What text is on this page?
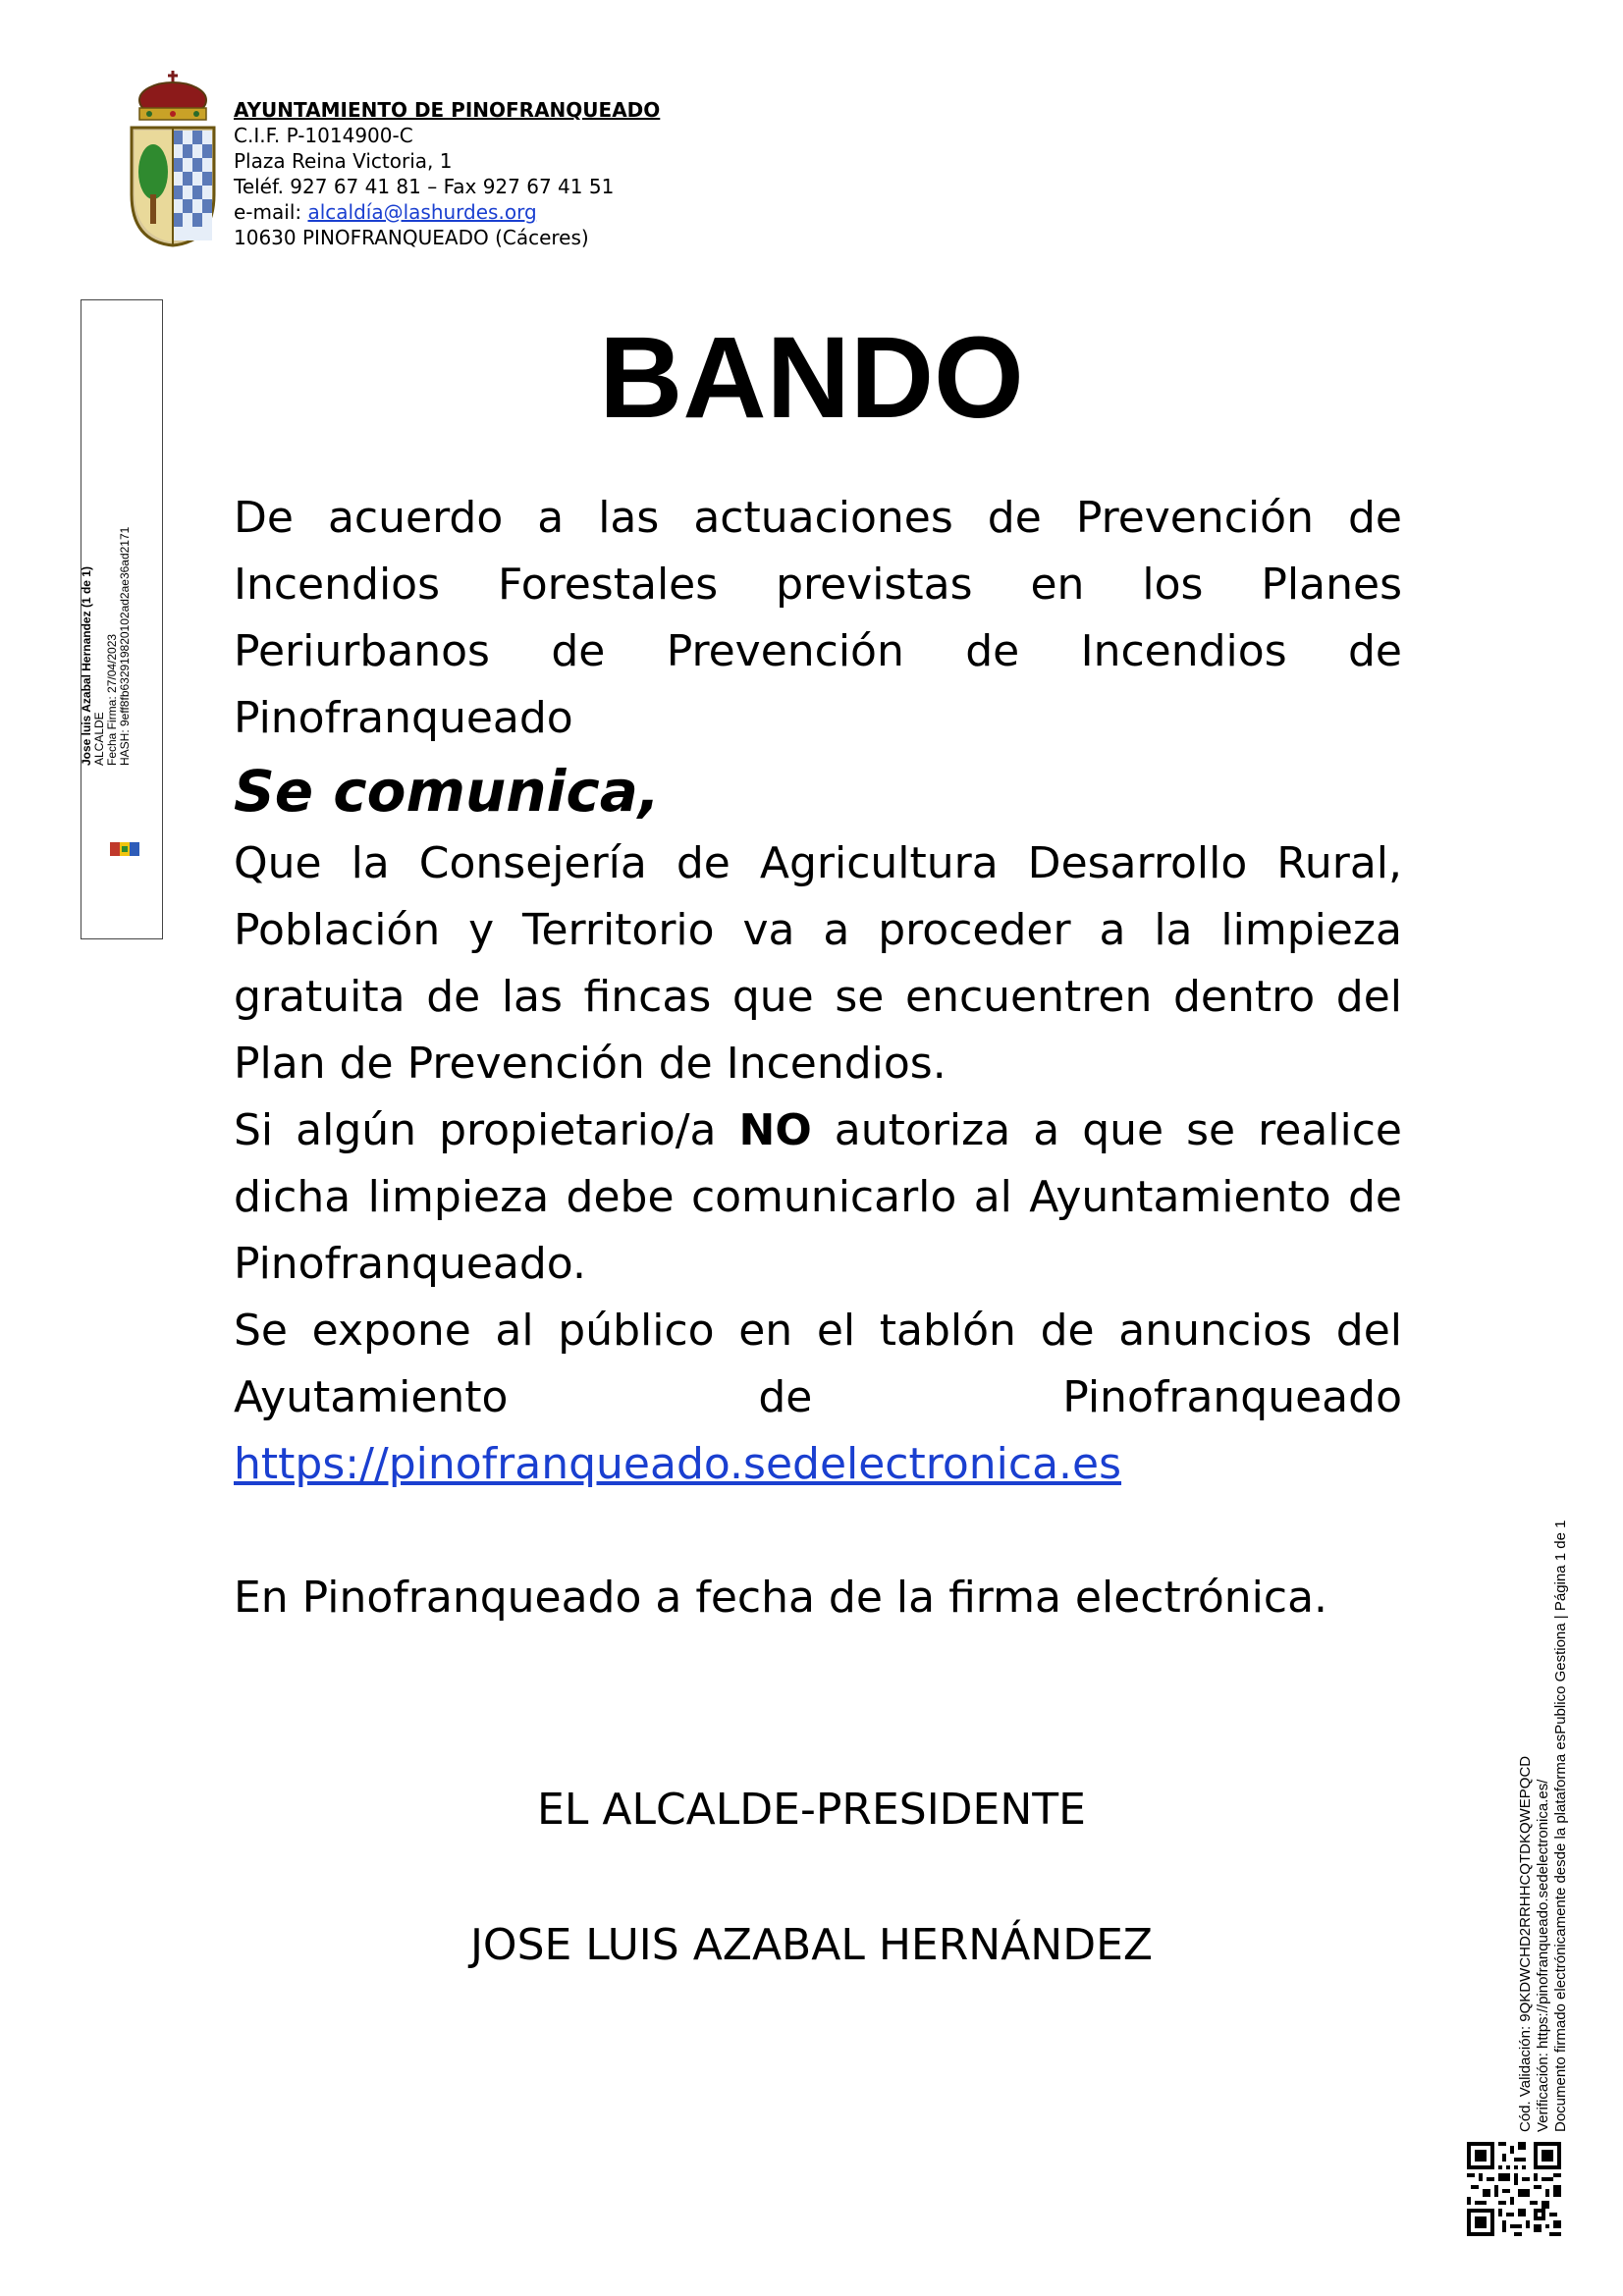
AYUNTAMIENTO DE PINOFRANQUEADO
C.I.F. P-1014900-C
Plaza Reina Victoria, 1
Teléf. 927 67 41 81 – Fax 927 67 41 51
e-mail: alcaldía@lashurdes.org
10630 PINOFRANQUEADO (Cáceres)
Jose luis Azabal Hernandez (1 de 1) ALCALDE Fecha Firma: 27/04/2023 HASH: 9eff8fb632919820102ad2ae36ad2171
BANDO

De acuerdo a las actuaciones de Prevención de Incendios Forestales previstas en los Planes Periurbanos de Prevención de Incendios de Pinofranqueado

Se comunica,

Que la Consejería de Agricultura Desarrollo Rural, Población y Territorio va a proceder a la limpieza gratuita de las fincas que se encuentren dentro del Plan de Prevención de Incendios.

Si algún propietario/a NO autoriza a que se realice dicha limpieza debe comunicarlo al Ayuntamiento de Pinofranqueado.

Se expone al público en el tablón de anuncios del Ayutamiento de Pinofranqueado

https://pinofranqueado.sedelectronica.es

En Pinofranqueado a fecha de la firma electrónica.

EL ALCALDE-PRESIDENTE
JOSE LUIS AZABAL HERNÁNDEZ	Cód. Validación: 9QKDWCHD2RRHHCQTDKQWEPQCD Verificación: https://pinofranqueado.sedelectronica.es/ Documento firmado electrónicamente desde la plataforma esPublico Gestiona | Página 1 de 1
